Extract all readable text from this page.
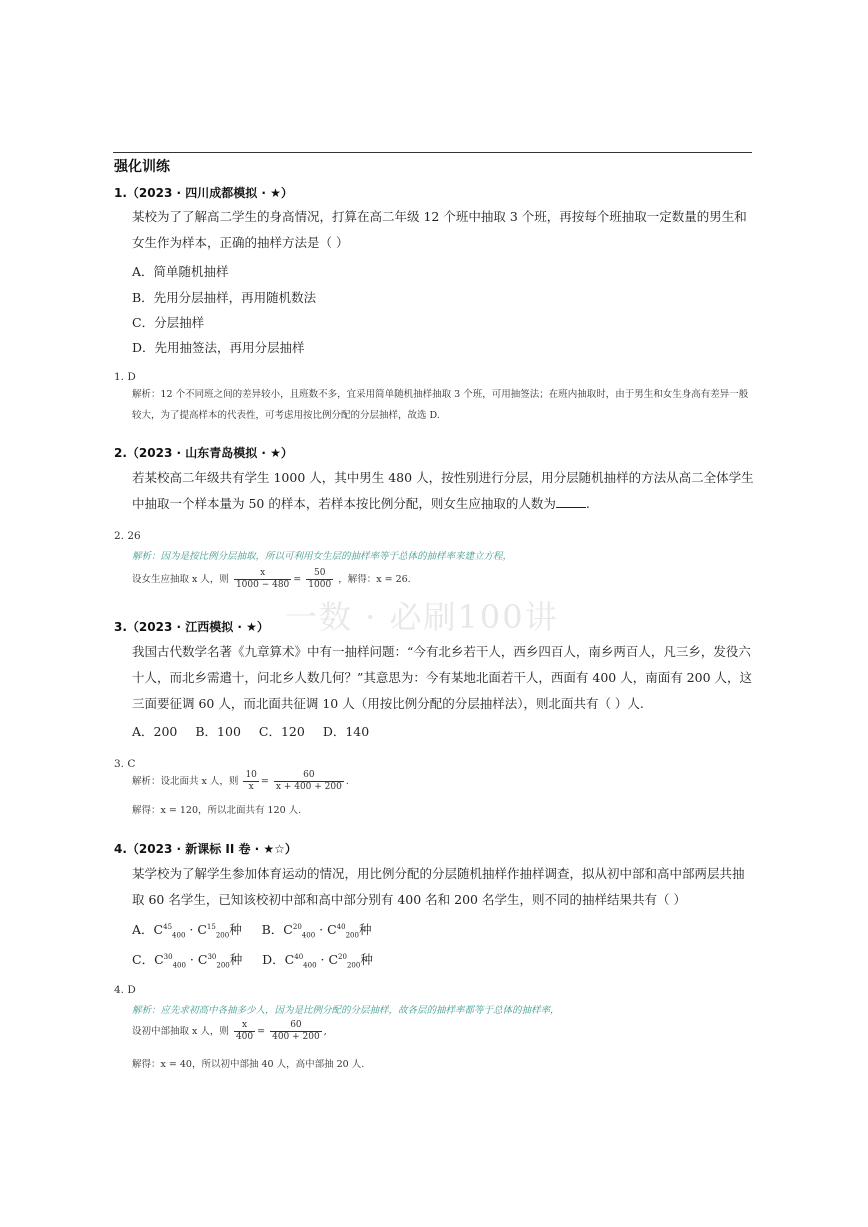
强化训练
1.（2023 · 四川成都模拟 · ★）
某校为了了解高二学生的身高情况，打算在高二年级 12 个班中抽取 3 个班，再按每个班抽取一定数量的男生和女生作为样本，正确的抽样方法是（ ）
A．简单随机抽样
B．先用分层抽样，再用随机数法
C．分层抽样
D．先用抽签法，再用分层抽样
1. D
解析：12 个不同班之间的差异较小，且班数不多，宜采用简单随机抽样抽取 3 个班，可用抽签法；在班内抽取时，由于男生和女生身高有差异一般较大，为了提高样本的代表性，可考虑用按比例分配的分层抽样，故选 D.
2.（2023 · 山东青岛模拟 · ★）
若某校高二年级共有学生 1000 人，其中男生 480 人，按性别进行分层，用分层随机抽样的方法从高二全体学生中抽取一个样本量为 50 的样本，若样本按比例分配，则女生应抽取的人数为 .
2. 26
解析：因为是按比例分层抽取，所以可利用女生层的抽样率等于总体的抽样率来建立方程，
设女生应抽取 x 人，则 $\frac{x}{1000 - 480} = \frac{50}{1000}$ ，解得：x = 26.
一数 · 必刷100讲
3.（2023 · 江西模拟 · ★）
我国古代数学名著《九章算术》中有一抽样问题：“今有北乡若干人，西乡四百人，南乡两百人，凡三乡，发役六十人，而北乡需遣十，问北乡人数几何？”其意思为：今有某地北面若干人，西面有 400 人，南面有 200 人，这三面要征调 60 人，而北面共征调 10 人（用按比例分配的分层抽样法），则北面共有（ ）人.
A．200 B．100 C．120 D．140
3. C
解析：设北面共 x 人，则 $\frac{10}{x} = \frac{60}{x + 400 + 200}$ .
解得：x = 120，所以北面共有 120 人.
4.（2023 · 新课标 II 卷 · ★☆）
某学校为了解学生参加体育运动的情况，用比例分配的分层随机抽样作抽样调查，拟从初中部和高中部两层共抽取 60 名学生，已知该校初中部和高中部分别有 400 名和 200 名学生，则不同的抽样结果共有（ ）
A．$C^{45}_{400} \cdot C^{15}_{200}$种 B．$C^{20}_{400} \cdot C^{40}_{200}$种
C．$C^{30}_{400} \cdot C^{30}_{200}$种 D．$C^{40}_{400} \cdot C^{20}_{200}$种
4. D
解析：应先求初高中各抽多少人，因为是比例分配的分层抽样，故各层的抽样率都等于总体的抽样率，
设初中部抽取 x 人，则 $\frac{x}{400} = \frac{60}{400 + 200}$ ,
解得：x = 40，所以初中部抽 40 人，高中部抽 20 人.
